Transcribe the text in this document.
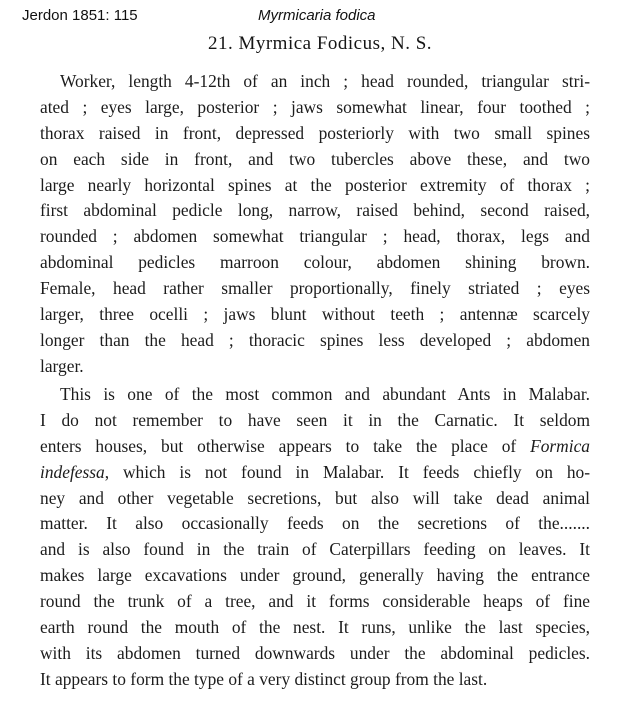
Jerdon 1851: 115	Myrmicaria fodica
21. Myrmica Fodicus, N. S.
Worker, length 4-12th of an inch ; head rounded, triangular stri-
ated ; eyes large, posterior ; jaws somewhat linear, four toothed ;
thorax raised in front, depressed posteriorly with two small spines
on each side in front, and two tubercles above these, and two
large nearly horizontal spines at the posterior extremity of thorax ;
first abdominal pedicle long, narrow, raised behind, second raised,
rounded ; abdomen somewhat triangular ; head, thorax, legs and
abdominal pedicles marroon colour, abdomen shining brown.
Female, head rather smaller proportionally, finely striated ; eyes
larger, three ocelli ; jaws blunt without teeth ; antennæ scarcely
longer than the head ; thoracic spines less developed ; abdomen
larger.
This is one of the most common and abundant Ants in Malabar.
I do not remember to have seen it in the Carnatic. It seldom
enters houses, but otherwise appears to take the place of Formica
indefessa, which is not found in Malabar. It feeds chiefly on ho-
ney and other vegetable secretions, but also will take dead animal
matter. It also occasionally feeds on the secretions of the.......
and is also found in the train of Caterpillars feeding on leaves. It
makes large excavations under ground, generally having the entrance
round the trunk of a tree, and it forms considerable heaps of fine
earth round the mouth of the nest. It runs, unlike the last species,
with its abdomen turned downwards under the abdominal pedicles.
It appears to form the type of a very distinct group from the last.
